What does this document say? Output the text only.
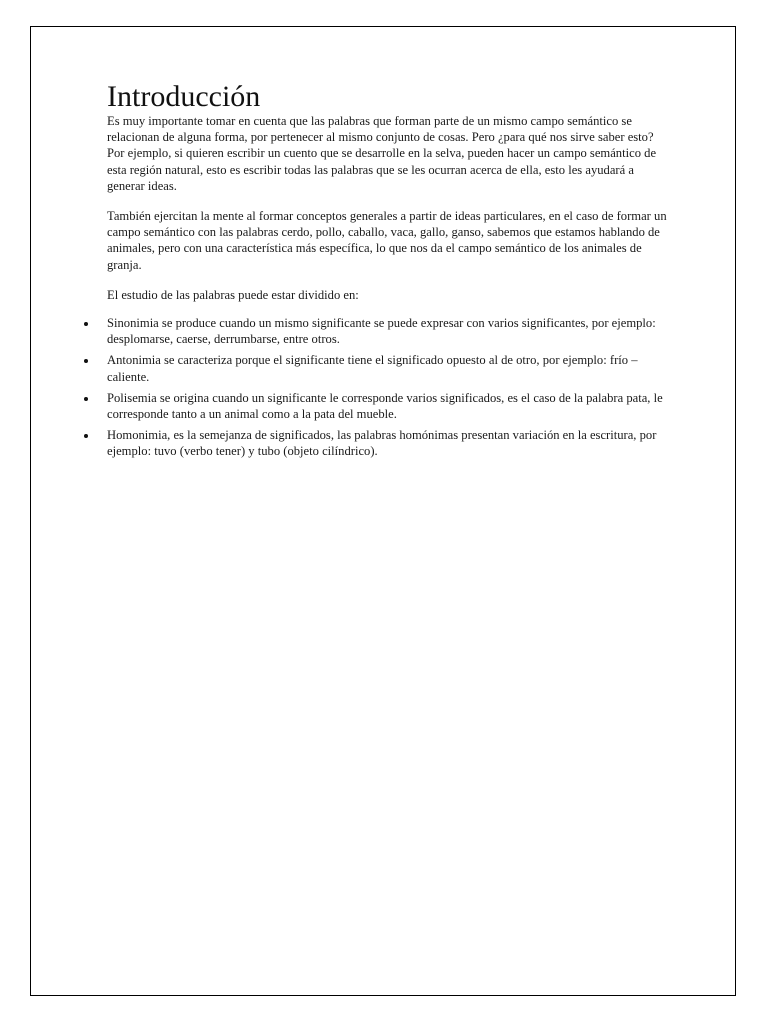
Introducción

Es muy importante tomar en cuenta que las palabras que forman parte de un mismo campo semántico se relacionan de alguna forma, por pertenecer al mismo conjunto de cosas. Pero ¿para qué nos sirve saber esto? Por ejemplo, si quieren escribir un cuento que se desarrolle en la selva, pueden hacer un campo semántico de esta región natural, esto es escribir todas las palabras que se les ocurran acerca de ella, esto les ayudará a generar ideas.

También ejercitan la mente al formar conceptos generales a partir de ideas particulares, en el caso de formar un campo semántico con las palabras cerdo, pollo, caballo, vaca, gallo, ganso, sabemos que estamos hablando de animales, pero con una característica más específica, lo que nos da el campo semántico de los animales de granja.

El estudio de las palabras puede estar dividido en:

Sinonimia se produce cuando un mismo significante se puede expresar con varios significantes, por ejemplo: desplomarse, caerse, derrumbarse, entre otros.
Antonimia se caracteriza porque el significante tiene el significado opuesto al de otro, por ejemplo: frío – caliente.
Polisemia se origina cuando un significante le corresponde varios significados, es el caso de la palabra pata, le corresponde tanto a un animal como a la pata del mueble.
Homonimia, es la semejanza de significados, las palabras homónimas presentan variación en la escritura, por ejemplo: tuvo (verbo tener) y tubo (objeto cilíndrico).
